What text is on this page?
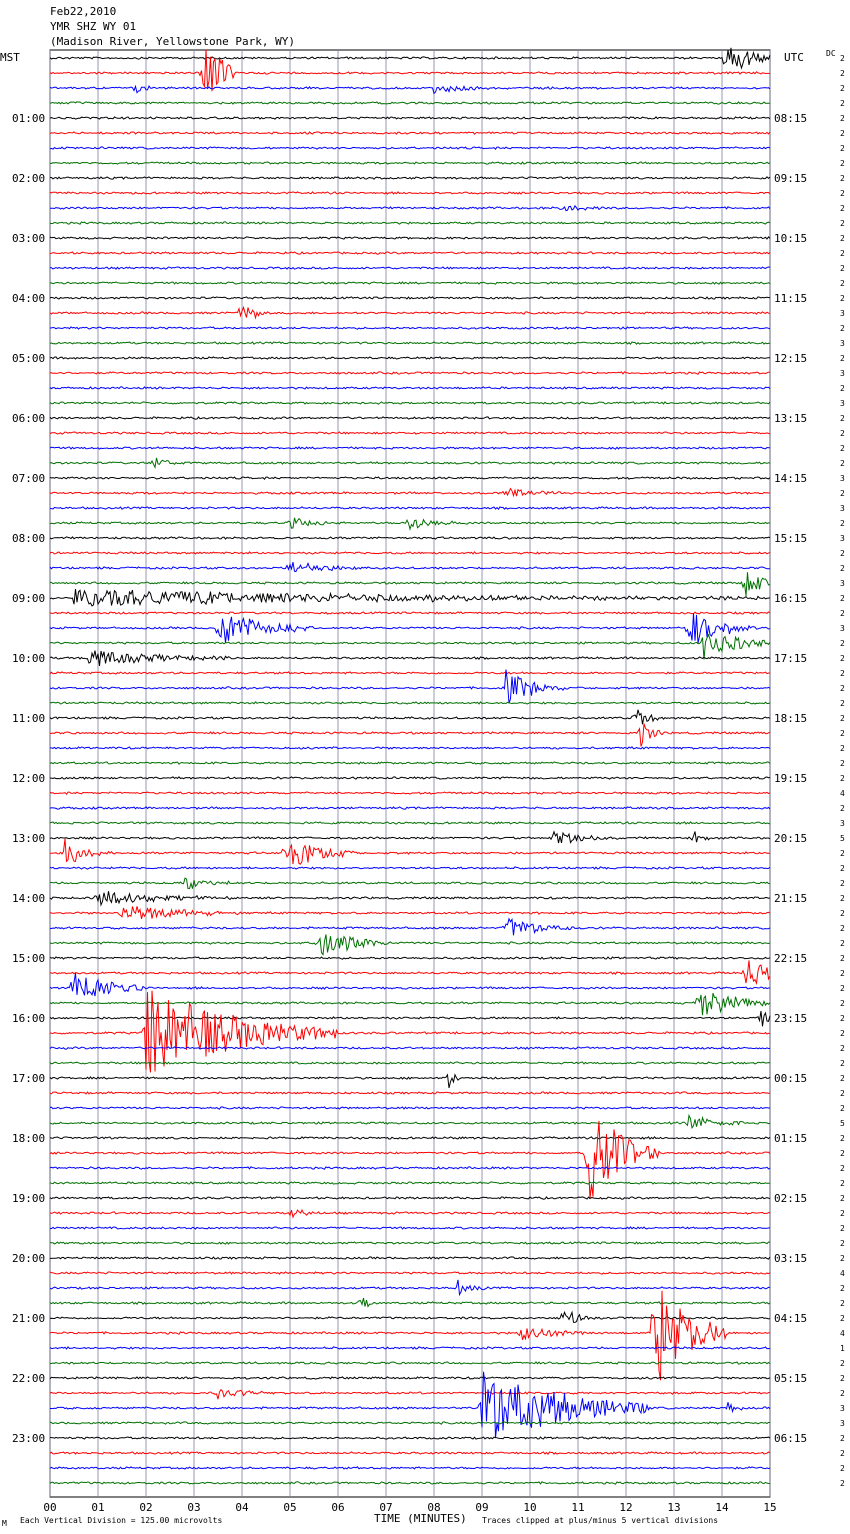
Feb22,2010
YMR SHZ WY 01
(Madison River, Yellowstone Park, WY)
01:00
02:00
03:00
04:00
05:00
06:00
07:00
08:00
09:00
10:00
11:00
12:00
13:00
14:00
15:00
16:00
17:00
18:00
19:00
20:00
21:00
22:00
23:00
08:15
09:15
10:15
11:15
12:15
13:15
14:15
15:15
16:15
17:15
18:15
19:15
20:15
21:15
22:15
23:15
00:15
01:15
02:15
03:15
04:15
05:15
06:15
2
2
2
2
2
2
2
2
2
2
2
2
2
2
2
2
2
3
2
3
2
3
2
3
2
2
2
2
3
2
3
2
3
2
2
3
2
2
3
2
2
2
2
2
2
2
2
2
2
4
2
3
5
2
2
2
2
2
2
2
2
2
2
2
2
2
2
2
2
2
2
5
2
2
2
2
2
2
2
2
2
4
2
2
2
4
1
2
2
2
3
3
2
2
2
2
00	01	02	03	04	05	06	07	08	09	10	11	12	13	14	15
MST	UTC	DC
TIME (MINUTES)
Each Vertical Division = 125.00 microvolts	Traces clipped at plus/minus 5 vertical divisions
M
